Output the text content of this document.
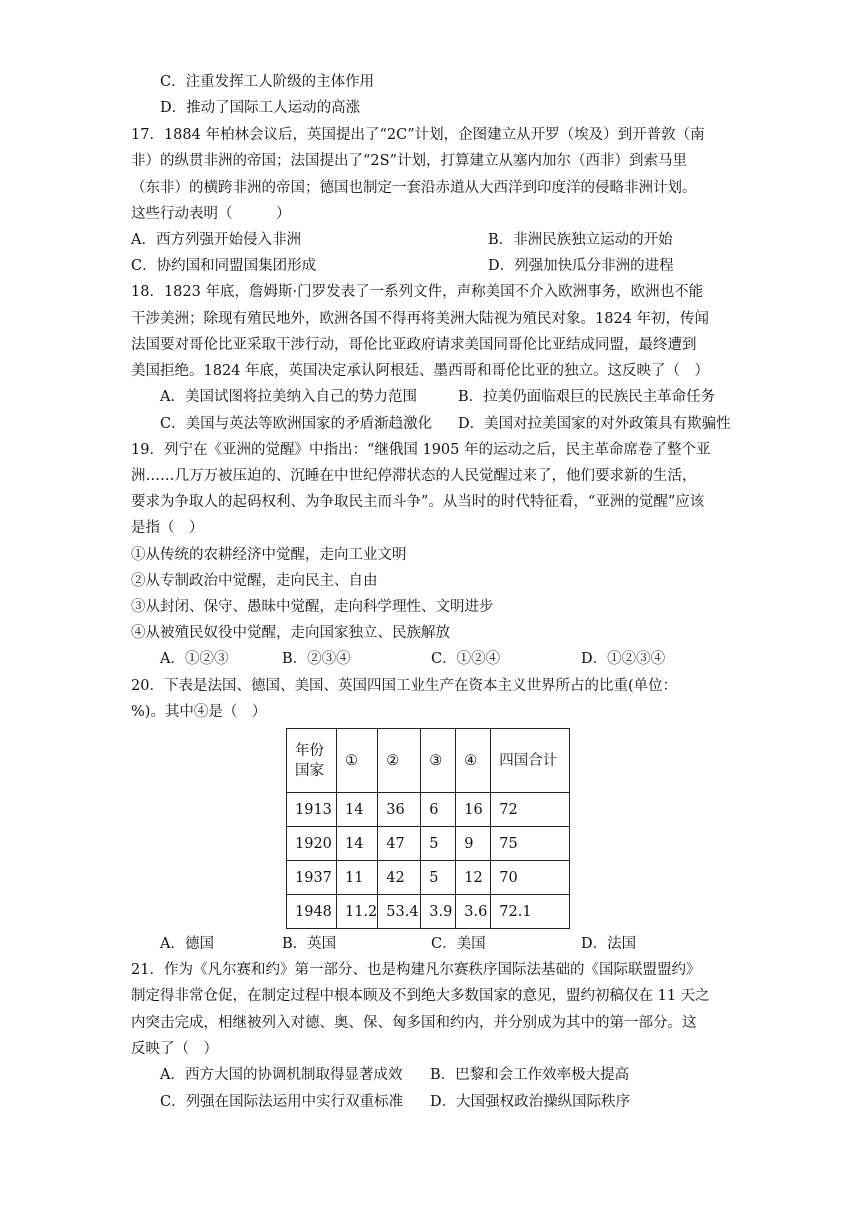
C．注重发挥工人阶级的主体作用
D．推动了国际工人运动的高涨
17．1884 年柏林会议后，英国提出了“2C”计划，企图建立从开罗（埃及）到开普敦（南
非）的纵贯非洲的帝国；法国提出了“2S”计划，打算建立从塞内加尔（西非）到索马里
（东非）的横跨非洲的帝国；德国也制定一套沿赤道从大西洋到印度洋的侵略非洲计划。
这些行动表明（　　　）
A．西方列强开始侵入非洲	B．非洲民族独立运动的开始
C．协约国和同盟国集团形成	D．列强加快瓜分非洲的进程
18．1823 年底，詹姆斯·门罗发表了一系列文件，声称美国不介入欧洲事务，欧洲也不能
干涉美洲；除现有殖民地外，欧洲各国不得再将美洲大陆视为殖民对象。1824 年初，传闻
法国要对哥伦比亚采取干涉行动，哥伦比亚政府请求美国同哥伦比亚结成同盟，最终遭到
美国拒绝。1824 年底，英国决定承认阿根廷、墨西哥和哥伦比亚的独立。这反映了（　）
A．美国试图将拉美纳入自己的势力范围	B．拉美仍面临艰巨的民族民主革命任务
C．美国与英法等欧洲国家的矛盾渐趋激化 D．美国对拉美国家的对外政策具有欺骗性
19．列宁在《亚洲的觉醒》中指出：“继俄国 1905 年的运动之后，民主革命席卷了整个亚
洲……几万万被压迫的、沉睡在中世纪停滞状态的人民觉醒过来了，他们要求新的生活，
要求为争取人的起码权利、为争取民主而斗争”。从当时的时代特征看，“亚洲的觉醒”应该
是指（　）
①从传统的农耕经济中觉醒，走向工业文明
②从专制政治中觉醒，走向民主、自由
③从封闭、保守、愚昧中觉醒，走向科学理性、文明进步
④从被殖民奴役中觉醒，走向国家独立、民族解放
A．①②③	B．②③④	C．①②④	D．①②③④
20．下表是法国、德国、美国、英国四国工业生产在资本主义世界所占的比重(单位：
%)。其中④是（　）
年份
国家	①	②	③	④	四国合计
1913	14	36	6	16	72
1920	14	47	5	9	75
1937	11	42	5	12	70
1948	11.2	53.4	3.9	3.6	72.1
A．德国	B．英国	C．美国	D．法国
21．作为《凡尔赛和约》第一部分、也是构建凡尔赛秩序国际法基础的《国际联盟盟约》
制定得非常仓促，在制定过程中根本顾及不到绝大多数国家的意见，盟约初稿仅在 11 天之
内突击完成，相继被列入对德、奥、保、匈多国和约内，并分别成为其中的第一部分。这
反映了（　）
A．西方大国的协调机制取得显著成效 B．巴黎和会工作效率极大提高
C．列强在国际法运用中实行双重标准 D．大国强权政治操纵国际秩序
